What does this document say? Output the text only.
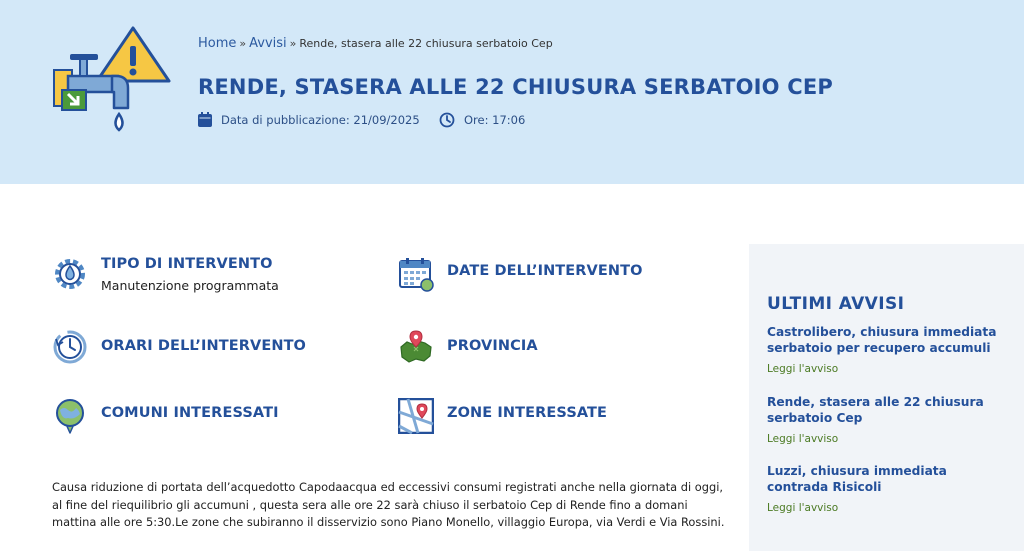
Home » Avvisi » Rende, stasera alle 22 chiusura serbatoio Cep
RENDE, STASERA ALLE 22 CHIUSURA SERBATOIO CEP
Data di pubblicazione: 21/09/2025	Ore: 17:06
TIPO DI INTERVENTO
Manutenzione programmata
DATE DELL’INTERVENTO
ORARI DELL’INTERVENTO	PROVINCIA
COMUNI INTERESSATI	ZONE INTERESSATE

Causa riduzione di portata dell’acquedotto Capodaacqua ed eccessivi consumi registrati anche nella giornata di oggi, al fine del riequilibrio gli accumuni , questa sera alle ore 22 sarà chiuso il serbatoio Cep di Rende fino a domani mattina alle ore 5:30.Le zone che subiranno il disservizio sono Piano Monello, villaggio Europa, via Verdi e Via Rossini.

ULTIMI AVVISI
Castrolibero, chiusura immediata serbatoio per recupero accumuli
Leggi l'avviso
Rende, stasera alle 22 chiusura serbatoio Cep
Leggi l'avviso
Luzzi, chiusura immediata contrada Risicoli
Leggi l'avviso
